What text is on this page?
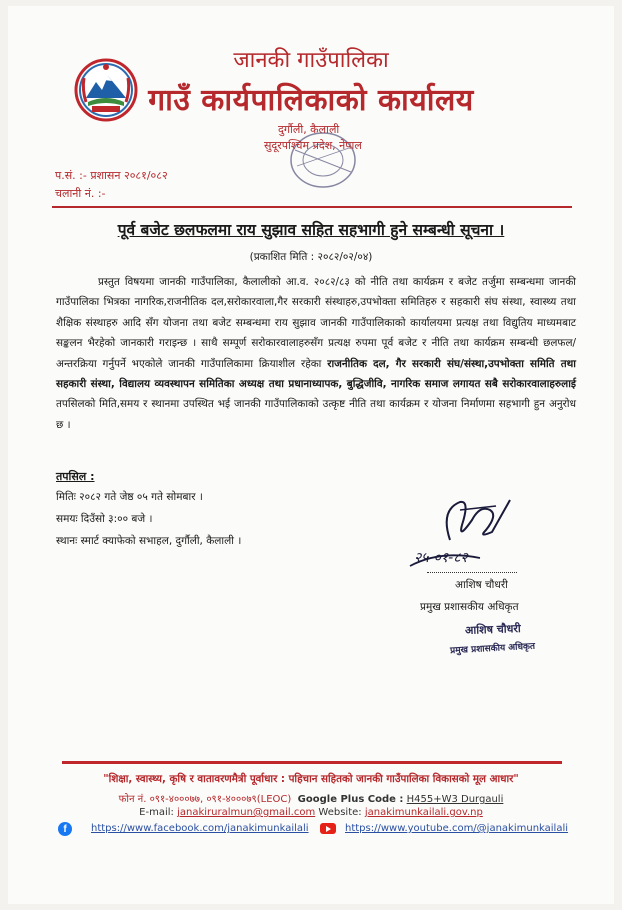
जानकी गाउँपालिका
गाउँ कार्यपालिकाको कार्यालय
दुर्गौली, कैलाली
सुदूरपश्चिम प्रदेश, नेपाल
प.सं. :- प्रशासन २०८१/०८२
चलानी नं. :-
पूर्व बजेट छलफलमा राय सुझाव सहित सहभागी हुने सम्बन्धी सूचना ।
(प्रकाशित मिति : २०८२/०२/०४)
प्रस्तुत विषयमा जानकी गाउँपालिका, कैलालीको आ.व. २०८२/८३ को नीति तथा कार्यक्रम र बजेट तर्जुमा सम्बन्धमा जानकी गाउँपालिका भित्रका नागरिक,राजनीतिक दल,सरोकारवाला,गैर सरकारी संस्थाहरु,उपभोक्ता समितिहरु र सहकारी संघ संस्था, स्वास्थ्य तथा शैक्षिक संस्थाहरु आदि सँग योजना तथा बजेट सम्बन्धमा राय सुझाव जानकी गाउँपालिकाको कार्यालयमा प्रत्यक्ष तथा विद्युतिय माध्यमबाट सङ्कलन भैरहेको जानकारी गराइन्छ । साथै सम्पूर्ण सरोकारवालाहरुसँग प्रत्यक्ष रुपमा पूर्व बजेट र नीति तथा कार्यक्रम सम्बन्धी छलफल/अन्तरक्रिया गर्नुपर्ने भएकोले जानकी गाउँपालिकामा क्रियाशील रहेका राजनीतिक दल, गैर सरकारी संघ/संस्था,उपभोक्ता समिति तथा सहकारी संस्था, विद्यालय व्यवस्थापन समितिका अध्यक्ष तथा प्रधानाध्यापक, बुद्धिजीवि, नागरिक समाज लगायत सबै सरोकारवालाहरुलाई तपसिलको मिति,समय र स्थानमा उपस्थित भई जानकी गाउँपालिकाको उत्कृष्ट नीति तथा कार्यक्रम र योजना निर्माणमा सहभागी हुन अनुरोध छ ।
तपसिल :
मितिः २०८२ गते जेष्ठ ०५ गते सोमबार ।
समयः दिउँसो ३:०० बजे ।
स्थानः स्मार्ट क्याफेको सभाहल, दुर्गौली, कैलाली ।
२५-०१-८२
आशिष चौधरी
प्रमुख प्रशासकीय अधिकृत
आशिष चौधरी
प्रमुख प्रशासकीय अधिकृत
"शिक्षा, स्वास्थ्य, कृषि र वातावरणमैत्री पूर्वाधार : पहिचान सहितको जानकी गाउँपालिका विकासको मूल आधार"
फोन नं. ०९१-४०००७७, ०९१-४०००७९(LEOC) Google Plus Code : H455+W3 Durgauli
E-mail: janakiruralmun@gmail.com Website: janakimunkailali.gov.np
f	https://www.facebook.com/janakimunkailali	https://www.youtube.com/@janakimunkailali
